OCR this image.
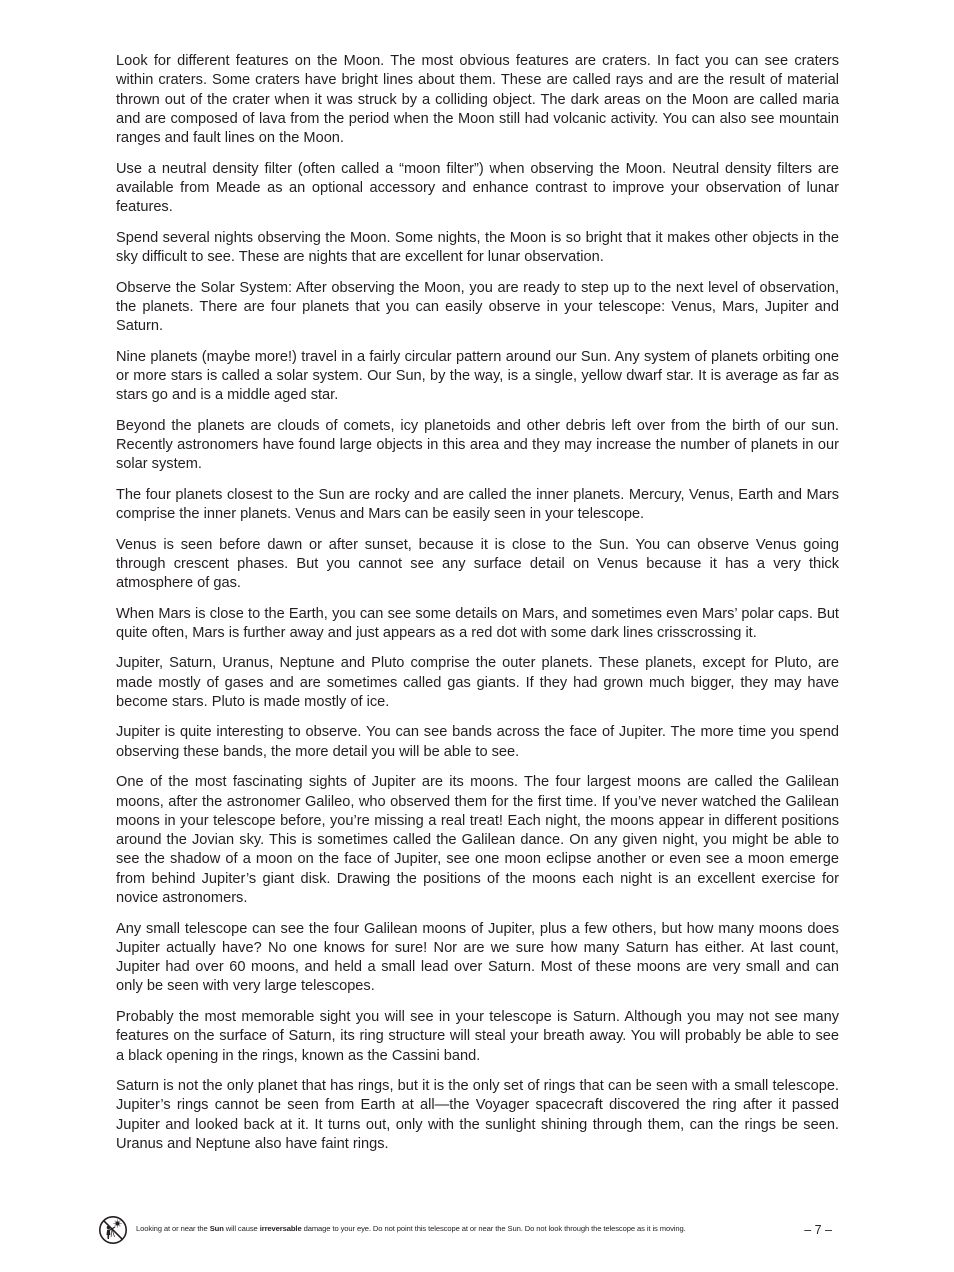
Look for different features on the Moon. The most obvious features are craters. In fact you can see craters within craters. Some craters have bright lines about them. These are called rays and are the result of material thrown out of the crater when it was struck by a colliding object. The dark areas on the Moon are called maria and are composed of lava from the period when the Moon still had volcanic activity. You can also see mountain ranges and fault lines on the Moon.

Use a neutral density filter (often called a “moon filter”) when observing the Moon. Neutral density filters are available from Meade as an optional accessory and enhance contrast to improve your observation of lunar features.

Spend several nights observing the Moon. Some nights, the Moon is so bright that it makes other objects in the sky difficult to see. These are nights that are excellent for lunar observation.

Observe the Solar System: After observing the Moon, you are ready to step up to the next level of observation, the planets. There are four planets that you can easily observe in your telescope: Venus, Mars, Jupiter and Saturn.

Nine planets (maybe more!) travel in a fairly circular pattern around our Sun. Any system of planets orbiting one or more stars is called a solar system. Our Sun, by the way, is a single, yellow dwarf star. It is average as far as stars go and is a middle aged star.

Beyond the planets are clouds of comets, icy planetoids and other debris left over from the birth of our sun. Recently astronomers have found large objects in this area and they may increase the number of planets in our solar system.

The four planets closest to the Sun are rocky and are called the inner planets. Mercury, Venus, Earth and Mars comprise the inner planets. Venus and Mars can be easily seen in your telescope.

Venus is seen before dawn or after sunset, because it is close to the Sun. You can observe Venus going through crescent phases. But you cannot see any surface detail on Venus because it has a very thick atmosphere of gas.

When Mars is close to the Earth, you can see some details on Mars, and sometimes even Mars’ polar caps. But quite often, Mars is further away and just appears as a red dot with some dark lines crisscrossing it.

Jupiter, Saturn, Uranus, Neptune and Pluto comprise the outer planets. These planets, except for Pluto, are made mostly of gases and are sometimes called gas giants. If they had grown much bigger, they may have become stars. Pluto is made mostly of ice.

Jupiter is quite interesting to observe. You can see bands across the face of Jupiter. The more time you spend observing these bands, the more detail you will be able to see.

One of the most fascinating sights of Jupiter are its moons. The four largest moons are called the Galilean moons, after the astronomer Galileo, who observed them for the first time. If you’ve never watched the Galilean moons in your telescope before, you’re missing a real treat! Each night, the moons appear in different positions around the Jovian sky. This is sometimes called the Galilean dance. On any given night, you might be able to see the shadow of a moon on the face of Jupiter, see one moon eclipse another or even see a moon emerge from behind Jupiter’s giant disk. Drawing the positions of the moons each night is an excellent exercise for novice astronomers.

Any small telescope can see the four Galilean moons of Jupiter, plus a few others, but how many moons does Jupiter actually have? No one knows for sure! Nor are we sure how many Saturn has either. At last count, Jupiter had over 60 moons, and held a small lead over Saturn. Most of these moons are very small and can only be seen with very large telescopes.

Probably the most memorable sight you will see in your telescope is Saturn. Although you may not see many features on the surface of Saturn, its ring structure will steal your breath away. You will probably be able to see a black opening in the rings, known as the Cassini band.

Saturn is not the only planet that has rings, but it is the only set of rings that can be seen with a small telescope. Jupiter’s rings cannot be seen from Earth at all—the Voyager spacecraft discovered the ring after it passed Jupiter and looked back at it. It turns out, only with the sunlight shining through them, can the rings be seen. Uranus and Neptune also have faint rings.

Looking at or near the Sun will cause irreversable damage to your eye. Do not point this telescope at or near the Sun. Do not look through the telescope as it is moving.	– 7 –
